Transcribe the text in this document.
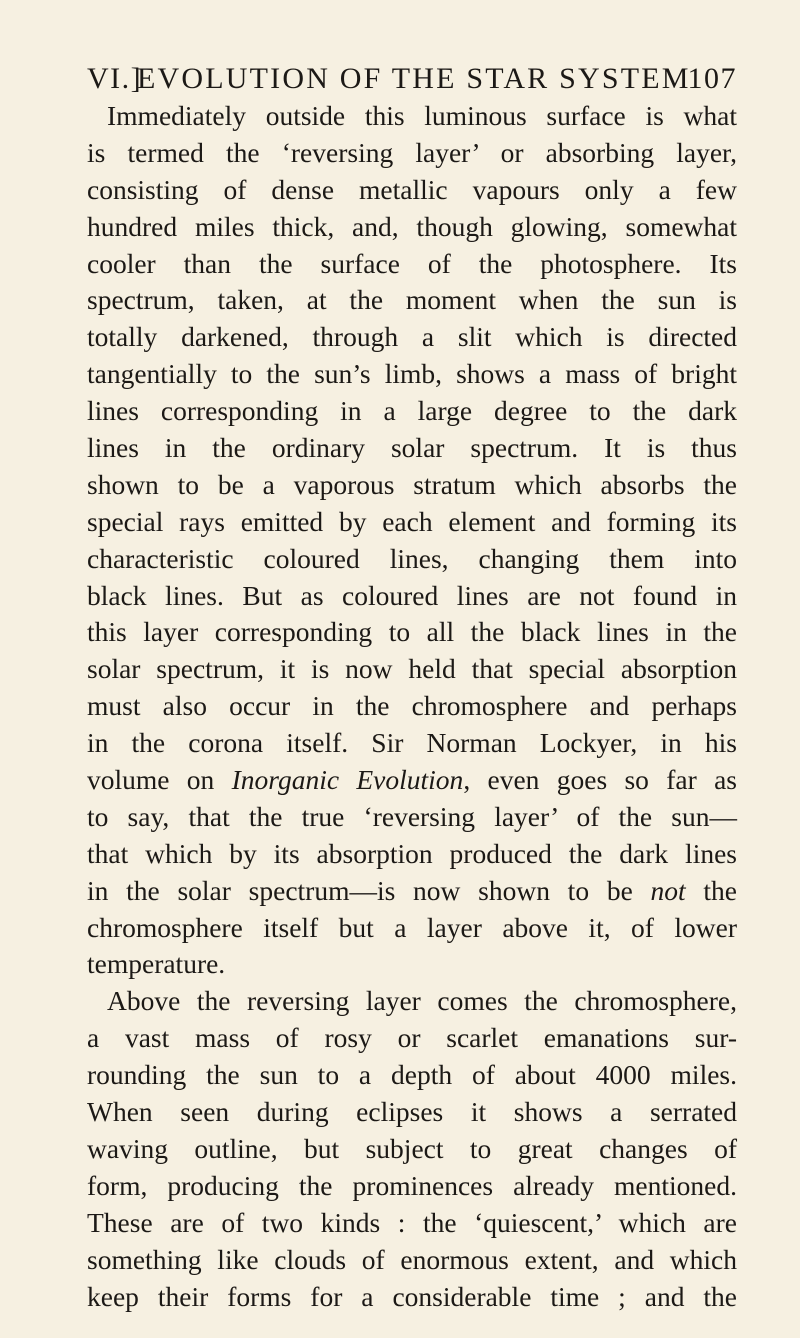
VI.]
EVOLUTION OF THE STAR SYSTEM
107
Immediately outside this luminous surface is what
is termed the ‘reversing layer’ or absorbing layer,
consisting of dense metallic vapours only a few
hundred miles thick, and, though glowing, somewhat
cooler than the surface of the photosphere. Its
spectrum, taken, at the moment when the sun is
totally darkened, through a slit which is directed
tangentially to the sun’s limb, shows a mass of bright
lines corresponding in a large degree to the dark
lines in the ordinary solar spectrum. It is thus
shown to be a vaporous stratum which absorbs the
special rays emitted by each element and forming its
characteristic coloured lines, changing them into
black lines. But as coloured lines are not found in
this layer corresponding to all the black lines in the
solar spectrum, it is now held that special absorption
must also occur in the chromosphere and perhaps
in the corona itself. Sir Norman Lockyer, in his
volume on Inorganic Evolution, even goes so far as
to say, that the true ‘reversing layer’ of the sun—
that which by its absorption produced the dark lines
in the solar spectrum—is now shown to be not the
chromosphere itself but a layer above it, of lower
temperature.
Above the reversing layer comes the chromosphere,
a vast mass of rosy or scarlet emanations sur-
rounding the sun to a depth of about 4000 miles.
When seen during eclipses it shows a serrated
waving outline, but subject to great changes of
form, producing the prominences already mentioned.
These are of two kinds : the ‘quiescent,’ which are
something like clouds of enormous extent, and which
keep their forms for a considerable time ; and the
